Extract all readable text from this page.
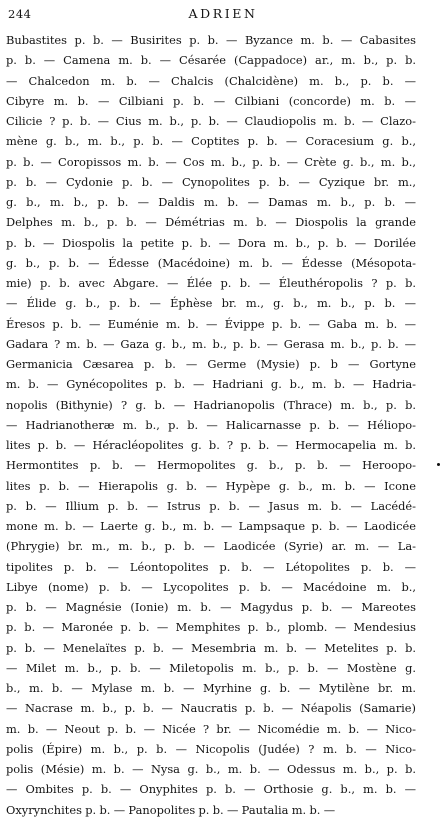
244	ADRIEN
Bubastites p. b. — Busirites p. b. — Byzance m. b. — Cabasites
p. b. — Camena m. b. — Césarée (Cappadoce) ar., m. b., p. b.
— Chalcedon m. b. — Chalcis (Chalcidène) m. b., p. b. —
Cibyre m. b. — Cilbiani p. b. — Cilbiani (concorde) m. b. —
Cilicie ? p. b. — Cius m. b., p. b. — Claudiopolis m. b. — Clazo-
mène g. b., m. b., p. b. — Coptites p. b. — Coracesium g. b.,
p. b. — Coropissos m. b. — Cos m. b., p. b. — Crète g. b., m. b.,
p. b. — Cydonie p. b. — Cynopolites p. b. — Cyzique br. m.,
g. b., m. b., p. b. — Daldis m. b. — Damas m. b., p. b. —
Delphes m. b., p. b. — Démétrias m. b. — Diospolis la grande
p. b. — Diospolis la petite p. b. — Dora m. b., p. b. — Dorilée
g. b., p. b. — Édesse (Macédoine) m. b. — Édesse (Mésopota-
mie) p. b. avec Abgare. — Élée p. b. — Éleuthéropolis ? p. b.
— Élide g. b., p. b. — Éphèse br. m., g. b., m. b., p. b. —
Éresos p. b. — Euménie m. b. — Évippe p. b. — Gaba m. b. —
Gadara ? m. b. — Gaza g. b., m. b., p. b. — Gerasa m. b., p. b. —
Germanicia Cæsarea p. b. — Germe (Mysie) p. b — Gortyne
m. b. — Gynécopolites p. b. — Hadriani g. b., m. b. — Hadria-
nopolis (Bithynie) ? g. b. — Hadrianopolis (Thrace) m. b., p. b.
— Hadrianotheræ m. b., p. b. — Halicarnasse p. b. — Héliopo-
lites p. b. — Héracléopolites g. b. ? p. b. — Hermocapelia m. b.
Hermontites p. b. — Hermopolites g. b., p. b. — Heroopo-
lites p. b. — Hierapolis g. b. — Hypèpe g. b., m. b. — Icone
p. b. — Illium p. b. — Istrus p. b. — Jasus m. b. — Lacédé-
mone m. b. — Laerte g. b., m. b. — Lampsaque p. b. — Laodicée
(Phrygie) br. m., m. b., p. b. — Laodicée (Syrie) ar. m. — La-
tipolites p. b. — Léontopolites p. b. — Létopolites p. b. —
Libye (nome) p. b. — Lycopolites p. b. — Macédoine m. b.,
p. b. — Magnésie (Ionie) m. b. — Magydus p. b. — Mareotes
p. b. — Maronée p. b. — Memphites p. b., plomb. — Mendesius
p. b. — Menelaïtes p. b. — Mesembria m. b. — Metelites p. b.
— Milet m. b., p. b. — Miletopolis m. b., p. b. — Mostène g.
b., m. b. — Mylase m. b. — Myrhine g. b. — Mytilène br. m.
— Nacrase m. b., p. b. — Naucratis p. b. — Néapolis (Samarie)
m. b. — Neout p. b. — Nicée ? br. — Nicomédie m. b. — Nico-
polis (Épire) m. b., p. b. — Nicopolis (Judée) ? m. b. — Nico-
polis (Mésie) m. b. — Nysa g. b., m. b. — Odessus m. b., p. b.
— Ombites p. b. — Onyphites p. b. — Orthosie g. b., m. b. —
Oxyrynchites p. b. — Panopolites p. b. — Pautalia m. b. —
